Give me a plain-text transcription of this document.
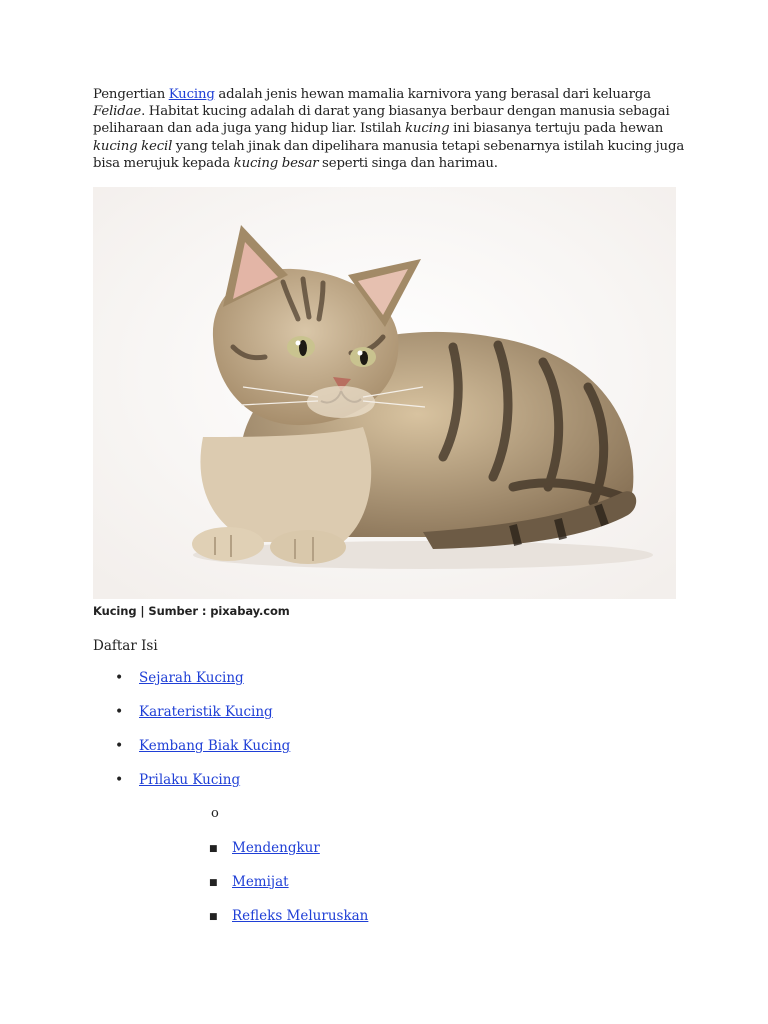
Pengertian Kucing adalah jenis hewan mamalia karnivora yang berasal dari keluarga Felidae. Habitat kucing adalah di darat yang biasanya berbaur dengan manusia sebagai peliharaan dan ada juga yang hidup liar. Istilah kucing ini biasanya tertuju pada hewan kucing kecil yang telah jinak dan dipelihara manusia tetapi sebenarnya istilah kucing juga bisa merujuk kepada kucing besar seperti singa dan harimau.

Kucing | Sumber : pixabay.com
Daftar Isi
• Sejarah Kucing
• Karateristik Kucing
• Kembang Biak Kucing
• Prilaku Kucing
o
■ Mendengkur
■ Memijat
■ Refleks Meluruskan
